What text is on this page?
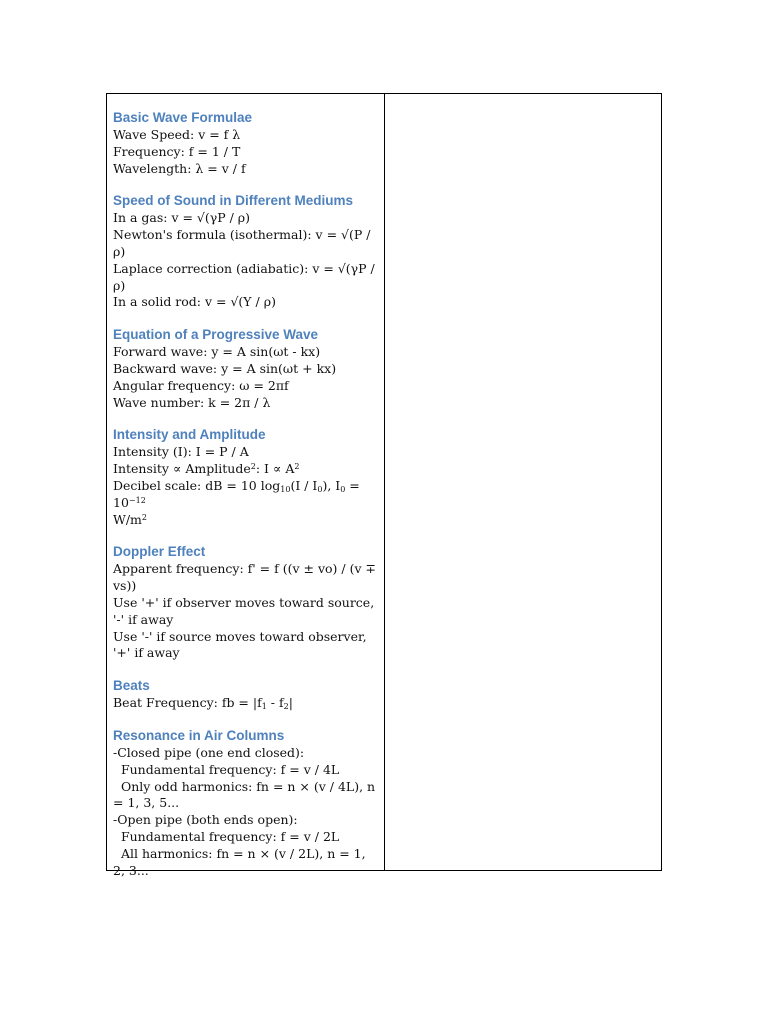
Basic Wave Formulae
Wave Speed: v = f λ
Frequency: f = 1 / T
Wavelength: λ = v / f
Speed of Sound in Different Mediums
In a gas: v = √(γP / ρ)
Newton's formula (isothermal): v = √(P / ρ)
Laplace correction (adiabatic): v = √(γP / ρ)
In a solid rod: v = √(Y / ρ)
Equation of a Progressive Wave
Forward wave: y = A sin(ωt - kx)
Backward wave: y = A sin(ωt + kx)
Angular frequency: ω = 2πf
Wave number: k = 2π / λ
Intensity and Amplitude
Intensity (I): I = P / A
Intensity ∝ Amplitude$^2$: $I \propto A^2$
Decibel scale: dB = 10 $\log_{10}(I / I_0)$, $I_0 = 10^{-12}$
$W/m^2$
Doppler Effect
Apparent frequency: f' = f ((v ± vo) / (v ∓ vs))
Use '+' if observer moves toward source, '-' if away
Use '-' if source moves toward observer, '+' if away
Beats
Beat Frequency: fb = $|f_1 - f_2|$
Resonance in Air Columns
-Closed pipe (one end closed):
Fundamental frequency: f = v / 4L
Only odd harmonics: fn = n × (v / 4L), n = 1, 3, 5...
-Open pipe (both ends open):
Fundamental frequency: f = v / 2L
All harmonics: fn = n × (v / 2L), n = 1, 2, 3...
